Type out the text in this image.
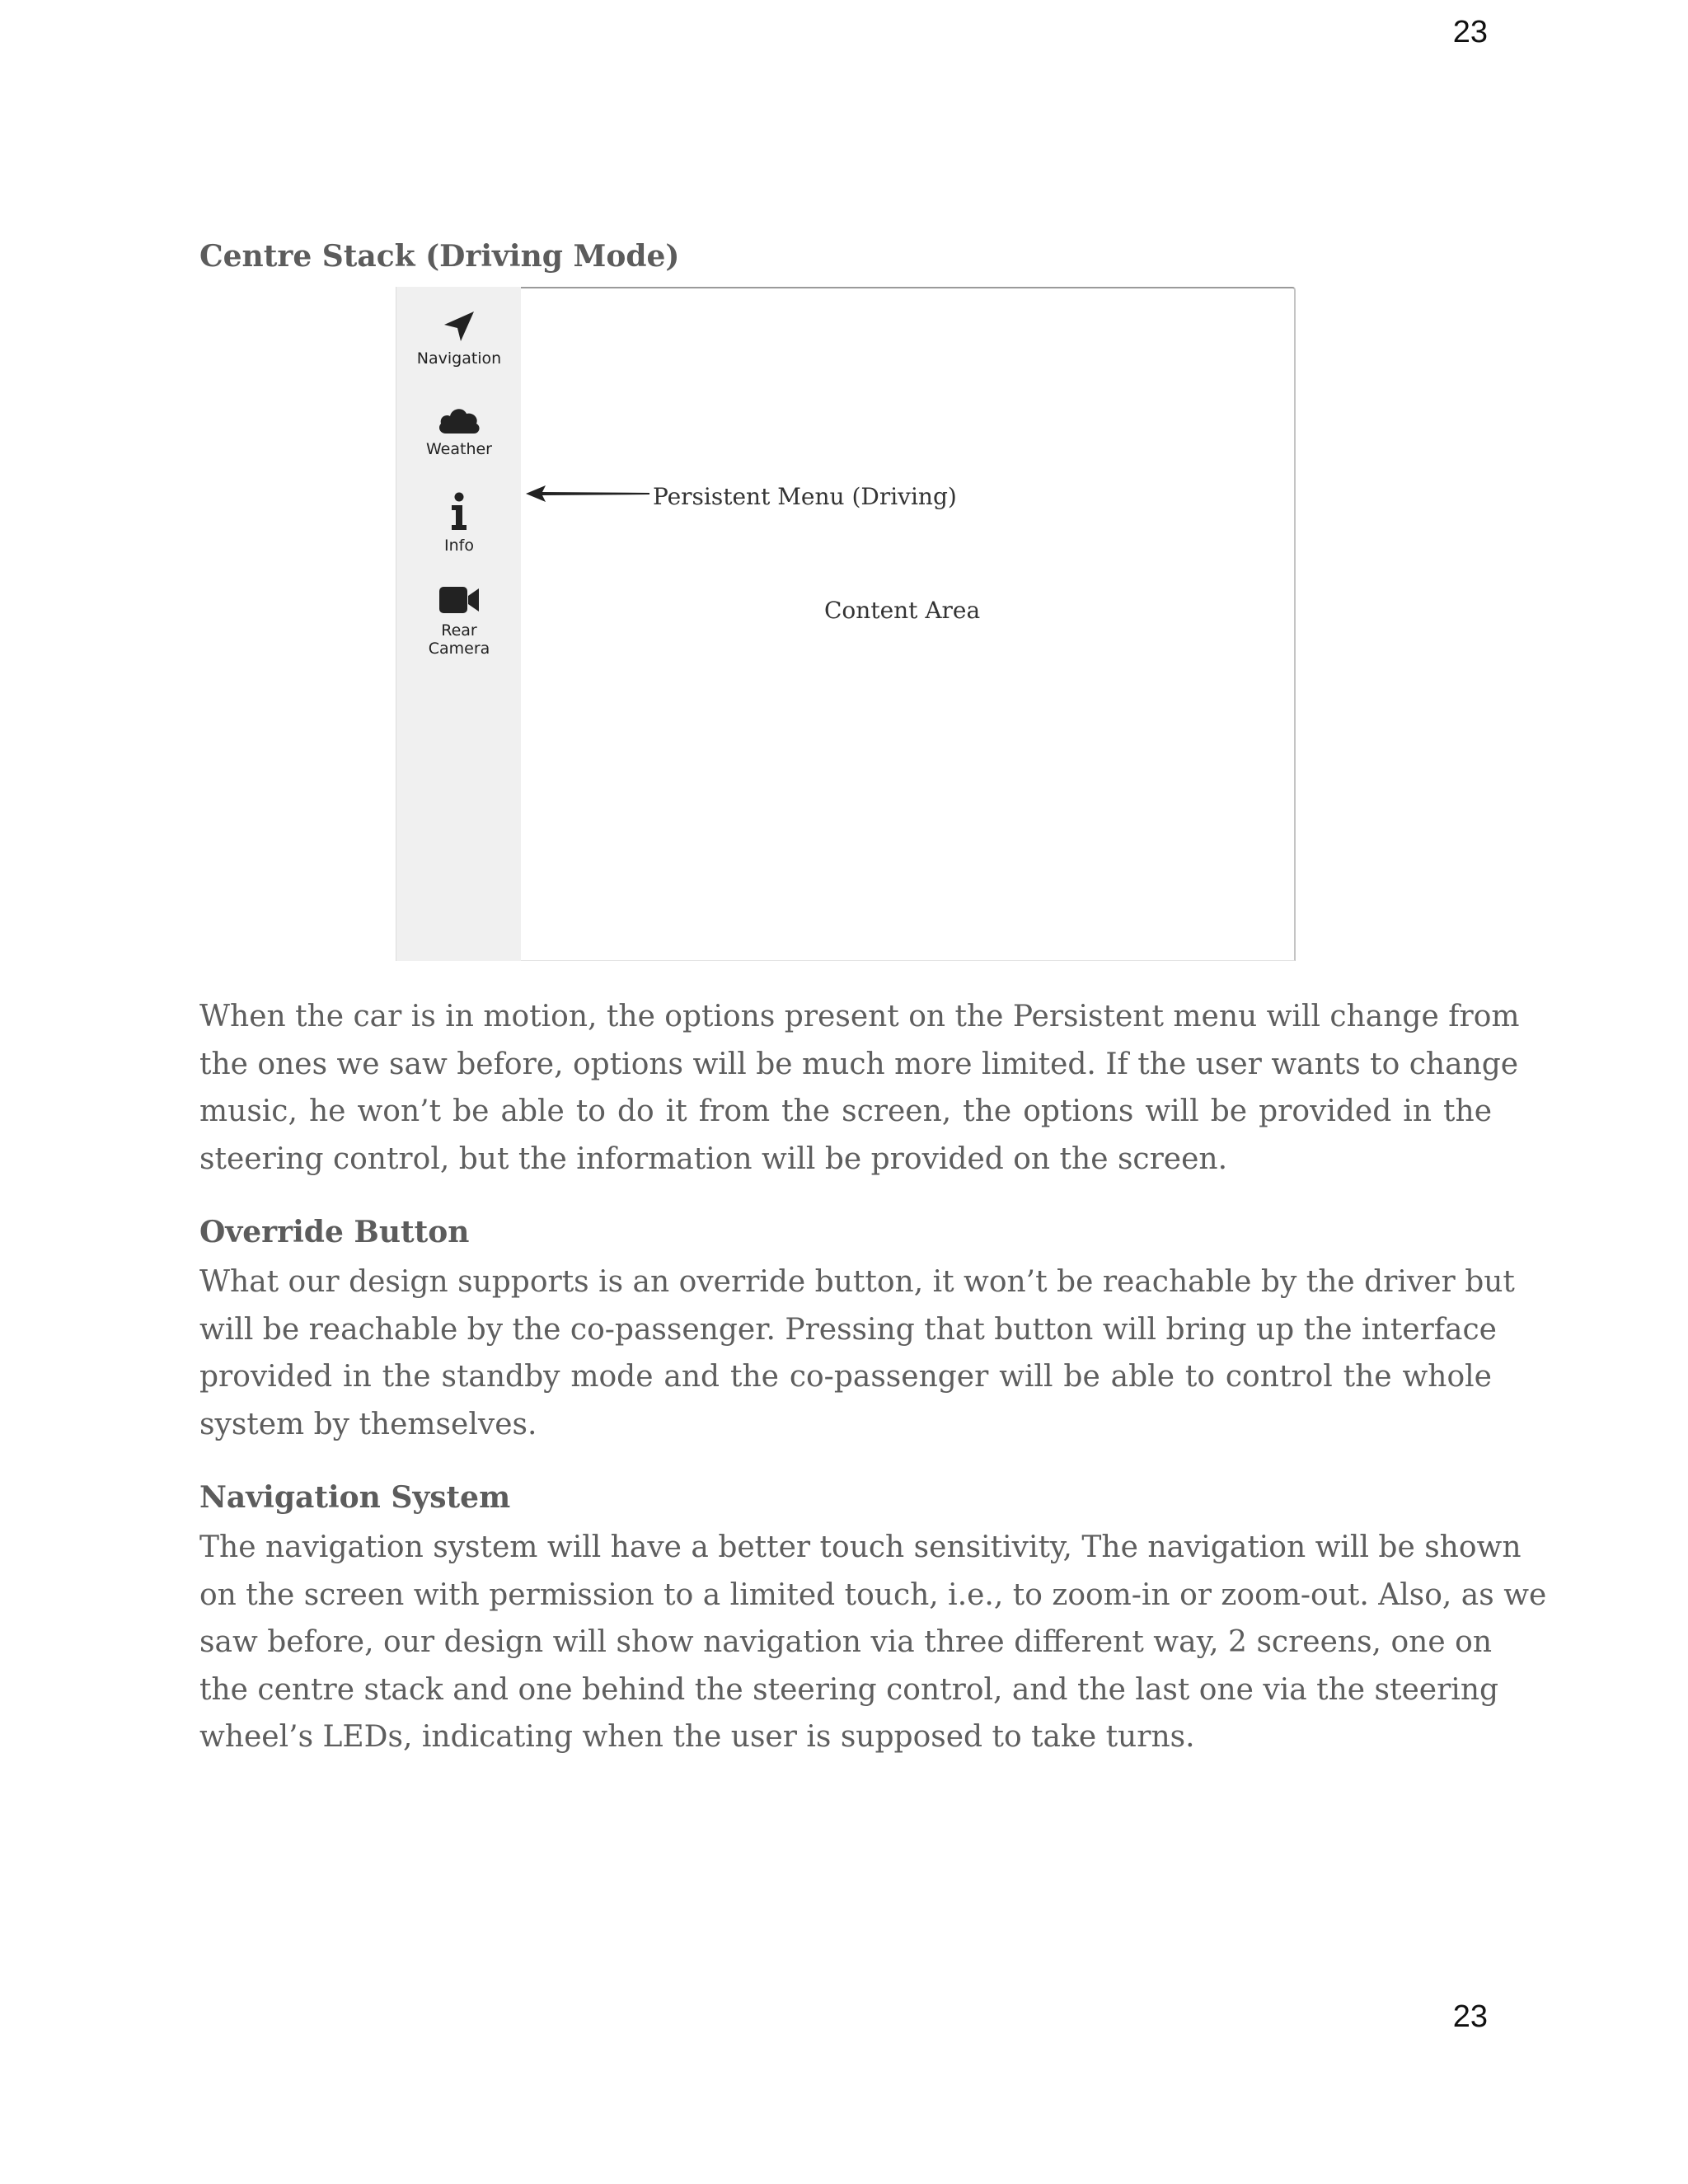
23
Centre Stack (Driving Mode)
Navigation
Weather
Info
Rear
Camera
Persistent Menu (Driving)
Content Area
When the car is in motion, the options present on the Persistent menu will change from
the ones we saw before, options will be much more limited. If the user wants to change
music, he won’t be able to do it from the screen, the options will be provided in the
steering control, but the information will be provided on the screen.
Override Button
What our design supports is an override button, it won’t be reachable by the driver but
will be reachable by the co-passenger. Pressing that button will bring up the interface
provided in the standby mode and the co-passenger will be able to control the whole
system by themselves.
Navigation System
The navigation system will have a better touch sensitivity, The navigation will be shown
on the screen with permission to a limited touch, i.e., to zoom-in or zoom-out. Also, as we
saw before, our design will show navigation via three different way, 2 screens, one on
the centre stack and one behind the steering control, and the last one via the steering
wheel’s LEDs, indicating when the user is supposed to take turns.
23
